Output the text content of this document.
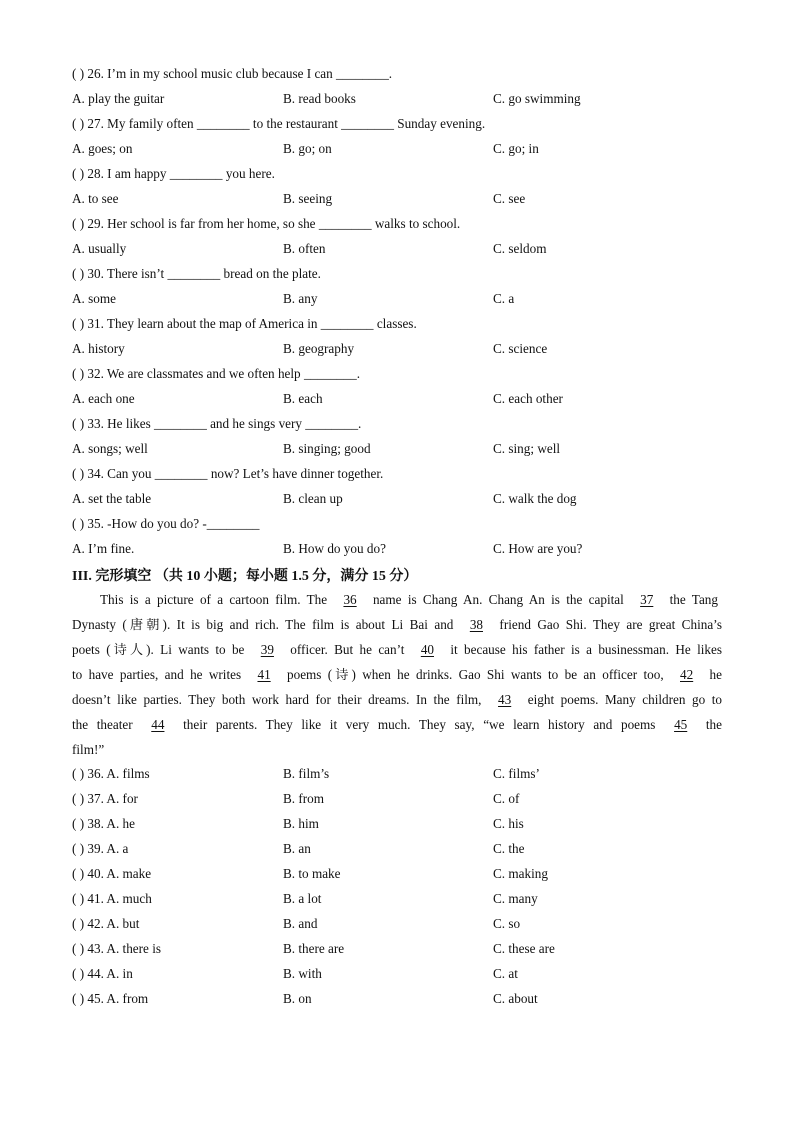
( ) 26. I’m in my school music club because I can ________.
A. play the guitar	B. read books	C. go swimming
( ) 27. My family often ________ to the restaurant ________ Sunday evening.
A. goes; on	B. go; on	C. go; in
( ) 28. I am happy ________ you here.
A. to see	B. seeing	C. see
( ) 29. Her school is far from her home, so she ________ walks to school.
A. usually	B. often	C. seldom
( ) 30. There isn’t ________ bread on the plate.
A. some	B. any	C. a
( ) 31. They learn about the map of America in ________ classes.
A. history	B. geography	C. science
( ) 32. We are classmates and we often help ________.
A. each one	B. each	C. each other
( ) 33. He likes ________ and he sings very ________.
A. songs; well	B. singing; good	C. sing; well
( ) 34. Can you ________ now? Let’s have dinner together.
A. set the table	B. clean up	C. walk the dog
( ) 35. -How do you do? -________
A. I’m fine.	B. How do you do?	C. How are you?
III. 完形填空 （共 10 小题；每小题 1.5 分，满分 15 分）
This is a picture of a cartoon film. The 36 name is Chang An. Chang An is the capital 37 the Tang
Dynasty (唐朝). It is big and rich. The film is about Li Bai and 38 friend Gao Shi. They are great China’s
poets (诗人). Li wants to be 39 officer. But he can’t 40 it because his father is a businessman. He likes
to have parties, and he writes 41 poems (诗) when he drinks. Gao Shi wants to be an officer too, 42 he
doesn’t like parties. They both work hard for their dreams. In the film, 43 eight poems. Many children go to
the theater 44 their parents. They like it very much. They say, “we learn history and poems 45 the
film!”
( ) 36. A. films	B. film’s	C. films’
( ) 37. A. for	B. from	C. of
( ) 38. A. he	B. him	C. his
( ) 39. A. a	B. an	C. the
( ) 40. A. make	B. to make	C. making
( ) 41. A. much	B. a lot	C. many
( ) 42. A. but	B. and	C. so
( ) 43. A. there is	B. there are	C. these are
( ) 44. A. in	B. with	C. at
( ) 45. A. from	B. on	C. about
